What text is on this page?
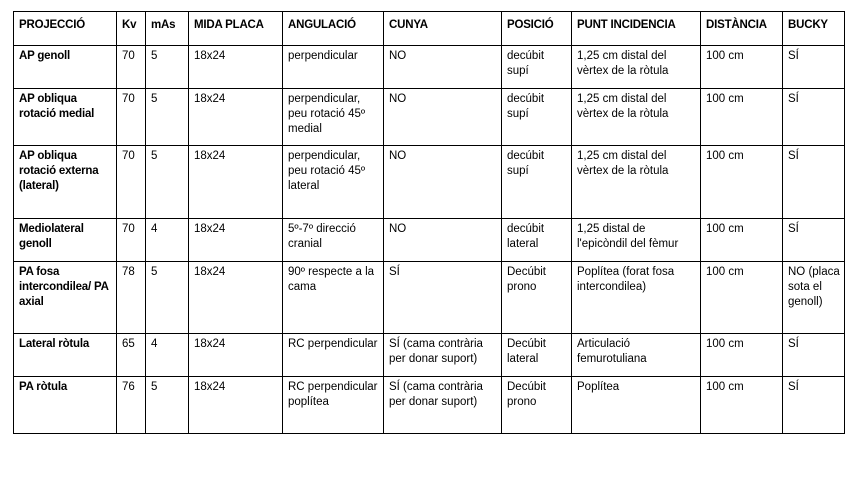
PROJECCIÓ	Kv	mAs	MIDA PLACA	ANGULACIÓ	CUNYA	POSICIÓ	PUNT INCIDENCIA	DISTÀNCIA	BUCKY
AP genoll	70	5	18x24	perpendicular	NO	decúbit supí	1,25 cm distal del vèrtex de la ròtula	100 cm	SÍ
AP obliqua rotació medial	70	5	18x24	perpendicular, peu rotació 45º medial	NO	decúbit supí	1,25 cm distal del vèrtex de la ròtula	100 cm	SÍ
AP obliqua rotació externa (lateral)	70	5	18x24	perpendicular, peu rotació 45º lateral	NO	decúbit supí	1,25 cm distal del vèrtex de la ròtula	100 cm	SÍ
Mediolateral genoll	70	4	18x24	5º-7º direcció cranial	NO	decúbit lateral	1,25 distal de l'epicòndil del fèmur	100 cm	SÍ
PA fosa intercondilea/ PA axial	78	5	18x24	90º respecte a la cama	SÍ	Decúbit prono	Poplítea (forat fosa intercondilea)	100 cm	NO (placa sota el genoll)
Lateral ròtula	65	4	18x24	RC perpendicular	SÍ (cama contrària per donar suport)	Decúbit lateral	Articulació femurotuliana	100 cm	SÍ
PA ròtula	76	5	18x24	RC perpendicular poplítea	SÍ (cama contrària per donar suport)	Decúbit prono	Poplítea	100 cm	SÍ
